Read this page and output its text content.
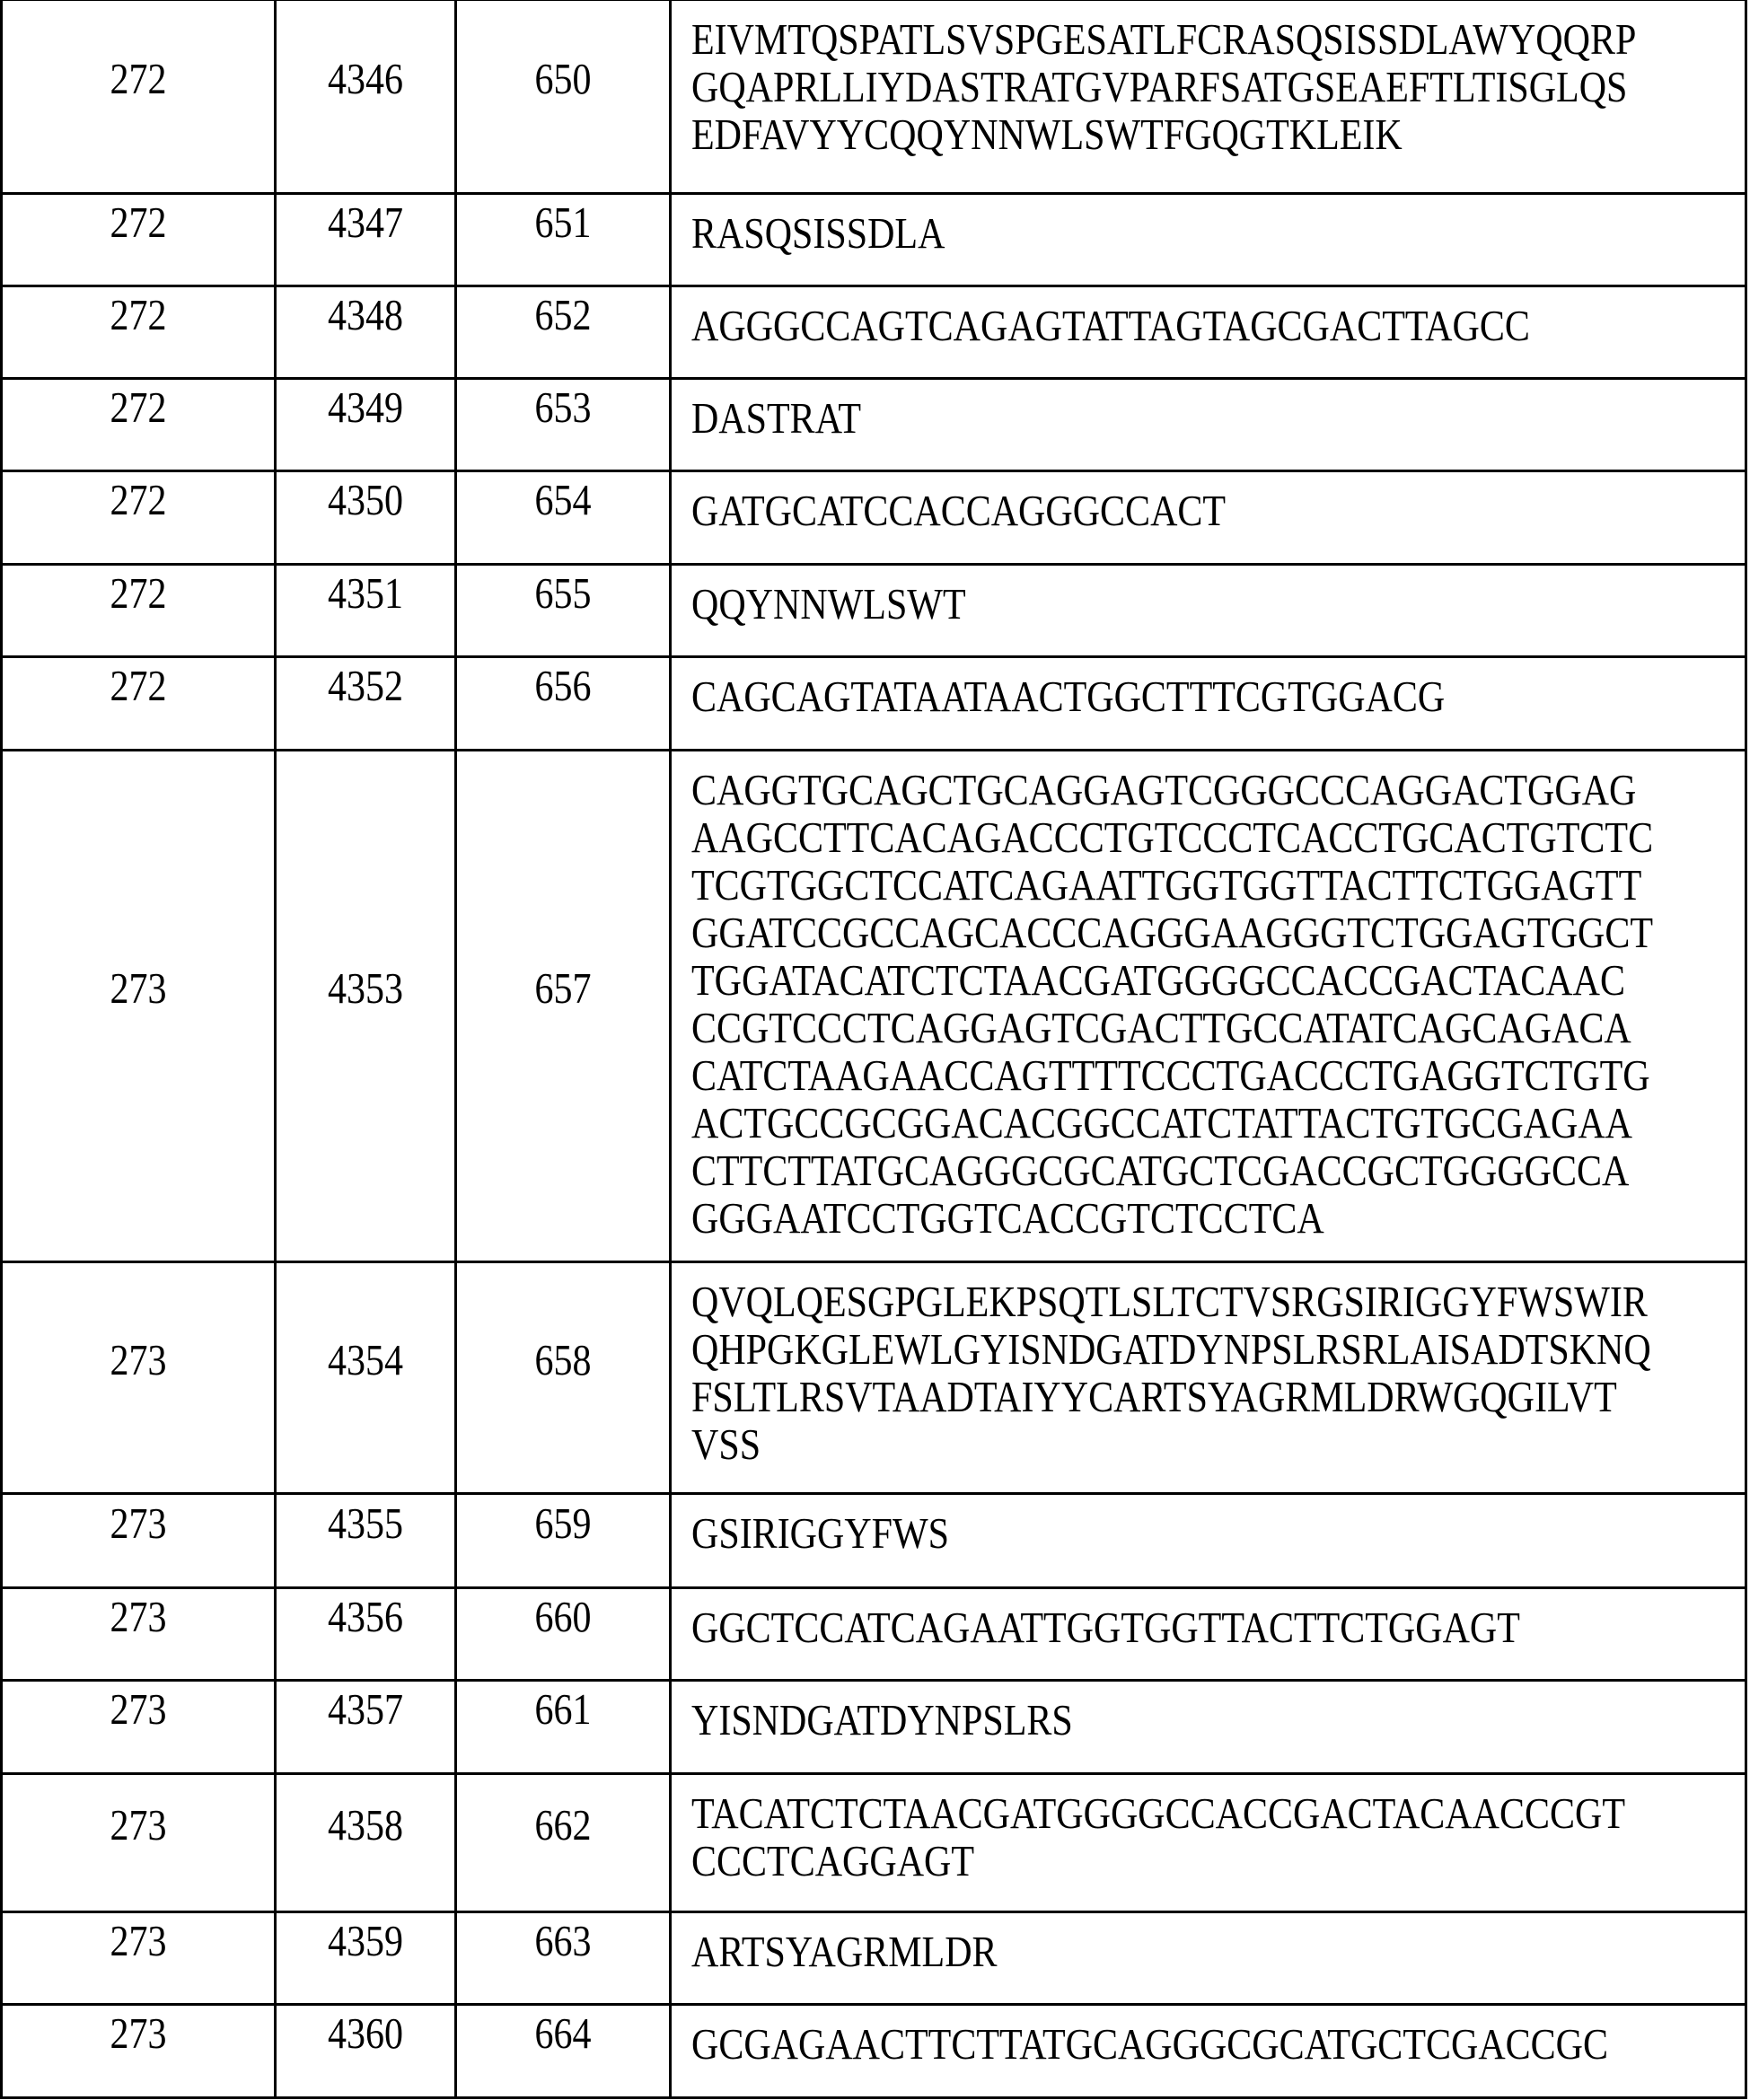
272	4346	650	
EIVMTQSPATLSVSPGESATLFCRASQSISSDLAWYQQRP
GQAPRLLIYDASTRATGVPARFSATGSEAEFTLTISGLQS
EDFAVYYCQQYNNWLSWTFGQGTKLEIK

272	4347	651	RASQSISSDLA

272	4348	652	AGGGCCAGTCAGAGTATTAGTAGCGACTTAGCC

272	4349	653	DASTRAT

272	4350	654	GATGCATCCACCAGGGCCACT

272	4351	655	QQYNNWLSWT

272	4352	656	CAGCAGTATAATAACTGGCTTTCGTGGACG

273	4353	657	
CAGGTGCAGCTGCAGGAGTCGGGCCCAGGACTGGAG
AAGCCTTCACAGACCCTGTCCCTCACCTGCACTGTCTC
TCGTGGCTCCATCAGAATTGGTGGTTACTTCTGGAGTT
GGATCCGCCAGCACCCAGGGAAGGGTCTGGAGTGGCT
TGGATACATCTCTAACGATGGGGCCACCGACTACAAC
CCGTCCCTCAGGAGTCGACTTGCCATATCAGCAGACA
CATCTAAGAACCAGTTTTCCCTGACCCTGAGGTCTGTG
ACTGCCGCGGACACGGCCATCTATTACTGTGCGAGAA
CTTCTTATGCAGGGCGCATGCTCGACCGCTGGGGCCA
GGGAATCCTGGTCACCGTCTCCTCA

273	4354	658	
QVQLQESGPGLEKPSQTLSLTCTVSRGSIRIGGYFWSWIR
QHPGKGLEWLGYISNDGATDYNPSLRSRLAISADTSKNQ
FSLTLRSVTAADTAIYYCARTSYAGRMLDRWGQGILVT
VSS

273	4355	659	GSIRIGGYFWS

273	4356	660	GGCTCCATCAGAATTGGTGGTTACTTCTGGAGT

273	4357	661	YISNDGATDYNPSLRS

273	4358	662	TACATCTCTAACGATGGGGCCACCGACTACAACCCGT
CCCTCAGGAGT

273	4359	663	ARTSYAGRMLDR

273	4360	664	GCGAGAACTTCTTATGCAGGGCGCATGCTCGACCGC
